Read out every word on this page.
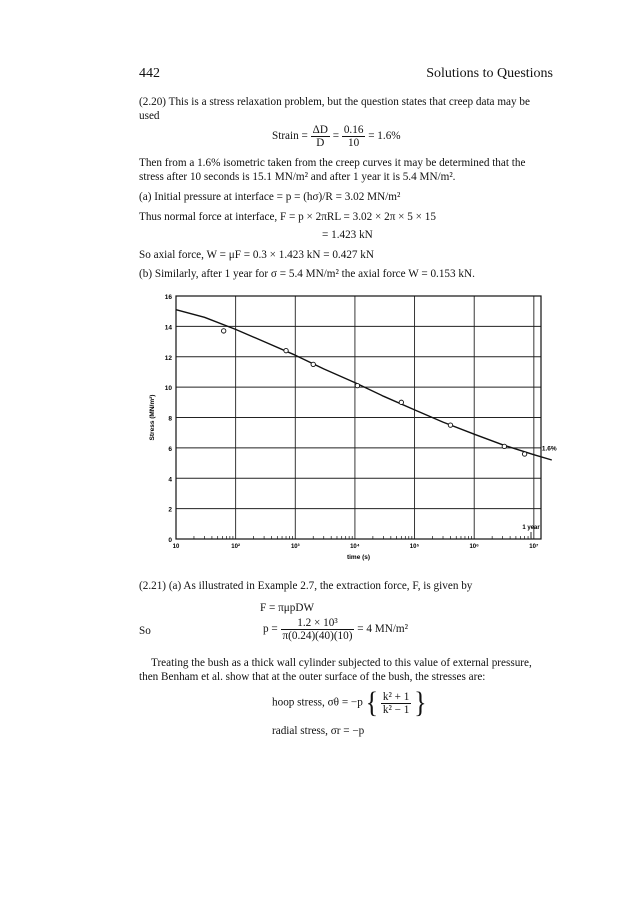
442	Solutions to Questions
(2.20) This is a stress relaxation problem, but the question states that creep data may be used
Strain = $\frac{\Delta D}{D} = \frac{0.16}{10} = 1.6\%$
Then from a 1.6% isometric taken from the creep curves it may be determined that the stress after 10 seconds is 15.1 MN/m² and after 1 year it is 5.4 MN/m².
(a) Initial pressure at interface = p = (hσ)/R = 3.02 MN/m²
Thus normal force at interface, F = p × 2πRL = 3.02 × 2π × 5 × 15
= 1.423 kN
So axial force, W = μF = 0.3 × 1.423 kN = 0.427 kN
(b) Similarly, after 1 year for σ = 5.4 MN/m² the axial force W = 0.153 kN.
0
2
4
6
8
10
12
14
16
10	10²	10³	10⁴	10⁵	10⁶	10⁷
1.6%
1 year
time (s)
Stress (MN/m²)
(2.21) (a) As illustrated in Example 2.7, the extraction force, F, is given by
F = πμpDW
So	$p = \frac{\text{1.2 × 10³}}{\pi(0.24)(40)(10)} = 4$ MN/m²
Treating the bush as a thick wall cylinder subjected to this value of external pressure, then Benham et al. show that at the outer surface of the bush, the stresses are:
hoop stress, σθ = −p { $\frac{\text{k² + 1}}{\text{k² − 1}}$ }
radial stress, σr = −p
